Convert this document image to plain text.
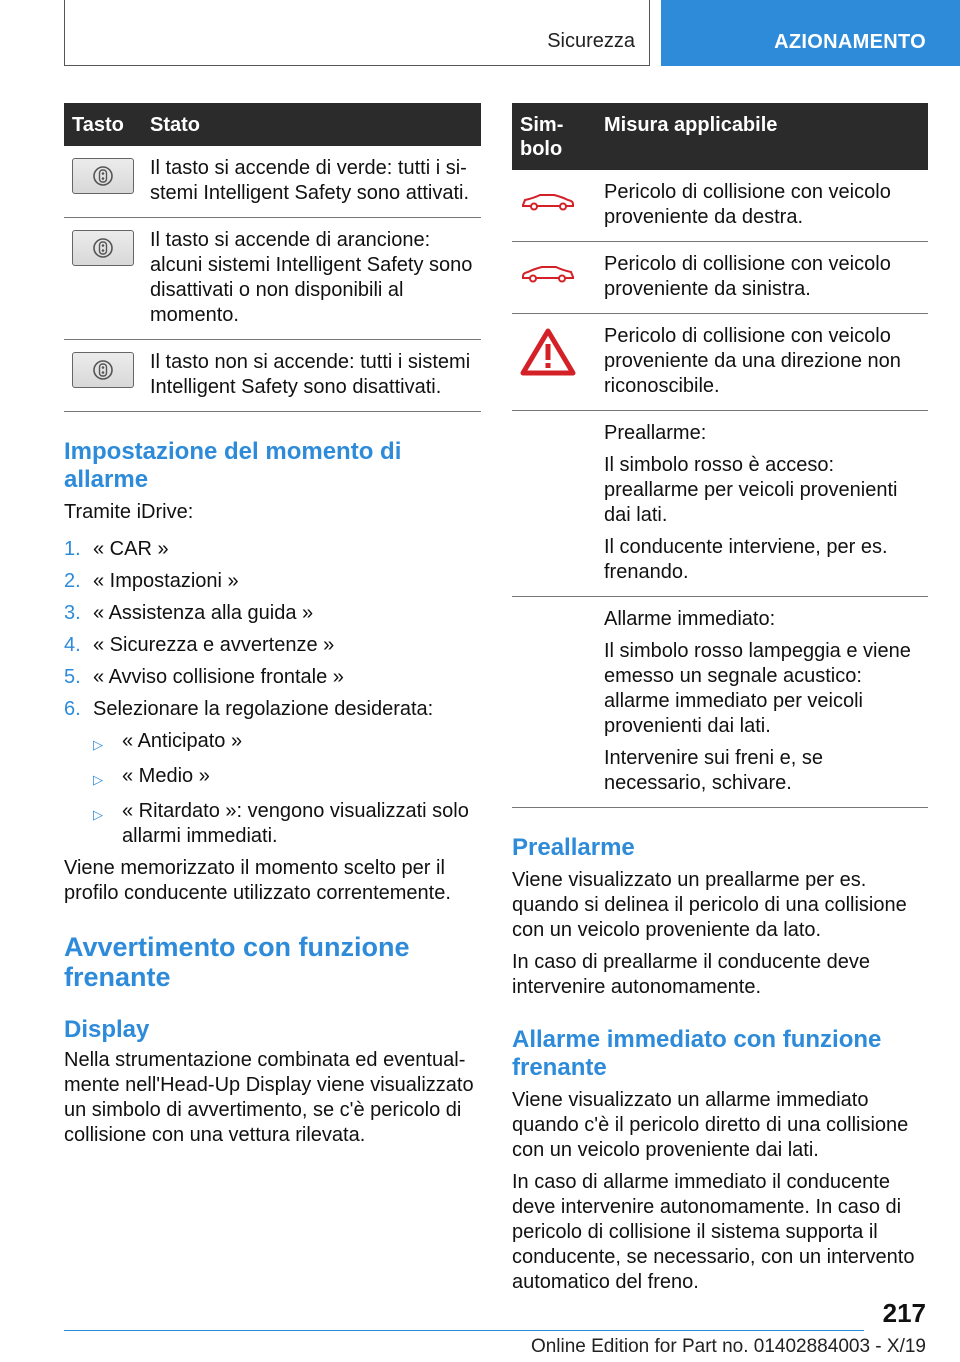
Sicurezza	AZIONAMENTO
Tasto	Stato

	Il tasto si accende di verde: tutti i sistemi Intelligent Safety sono attivati.

	Il tasto si accende di arancione: alcuni sistemi Intelligent Safety sono disattivati o non disponibili al momento.

	Il tasto non si accende: tutti i sistemi Intelligent Safety sono disattivati.
Impostazione del momento di allarme

Tramite iDrive:

1. « CAR »
2. « Impostazioni »
3. « Assistenza alla guida »
4. « Sicurezza e avvertenze »
5. « Avviso collisione frontale »
6. Selezionare la regolazione desiderata:
▷ « Anticipato »
▷ « Medio »
▷ « Ritardato »: vengono visualizzati solo allarmi immediati.

Viene memorizzato il momento scelto per il profilo conducente utilizzato correntemente.

Avvertimento con funzione frenante
Display

Nella strumentazione combinata ed eventualmente nell'Head-Up Display viene visualizzato un simbolo di avvertimento, se c'è pericolo di collisione con una vettura rilevata.

Simbolo	Misura applicabile

Pericolo di collisione con veicolo proveniente da destra.

Pericolo di collisione con veicolo proveniente da sinistra.

Pericolo di collisione con veicolo proveniente da una direzione non riconoscibile.

	Preallarme:

Il simbolo rosso è acceso: preallarme per veicoli provenienti dai lati.

Il conducente interviene, per es. frenando.

	Allarme immediato:

Il simbolo rosso lampeggia e viene emesso un segnale acustico: allarme immediato per veicoli provenienti dai lati.

Intervenire sui freni e, se necessario, schivare.

Preallarme

Viene visualizzato un preallarme per es. quando si delinea il pericolo di una collisione con un veicolo proveniente da lato.

In caso di preallarme il conducente deve intervenire autonomamente.

Allarme immediato con funzione frenante

Viene visualizzato un allarme immediato quando c'è il pericolo diretto di una collisione con un veicolo proveniente dai lati.

In caso di allarme immediato il conducente deve intervenire autonomamente. In caso di pericolo di collisione il sistema supporta il conducente, se necessario, con un intervento automatico del freno.

217
Online Edition for Part no. 01402884003 - X/19
